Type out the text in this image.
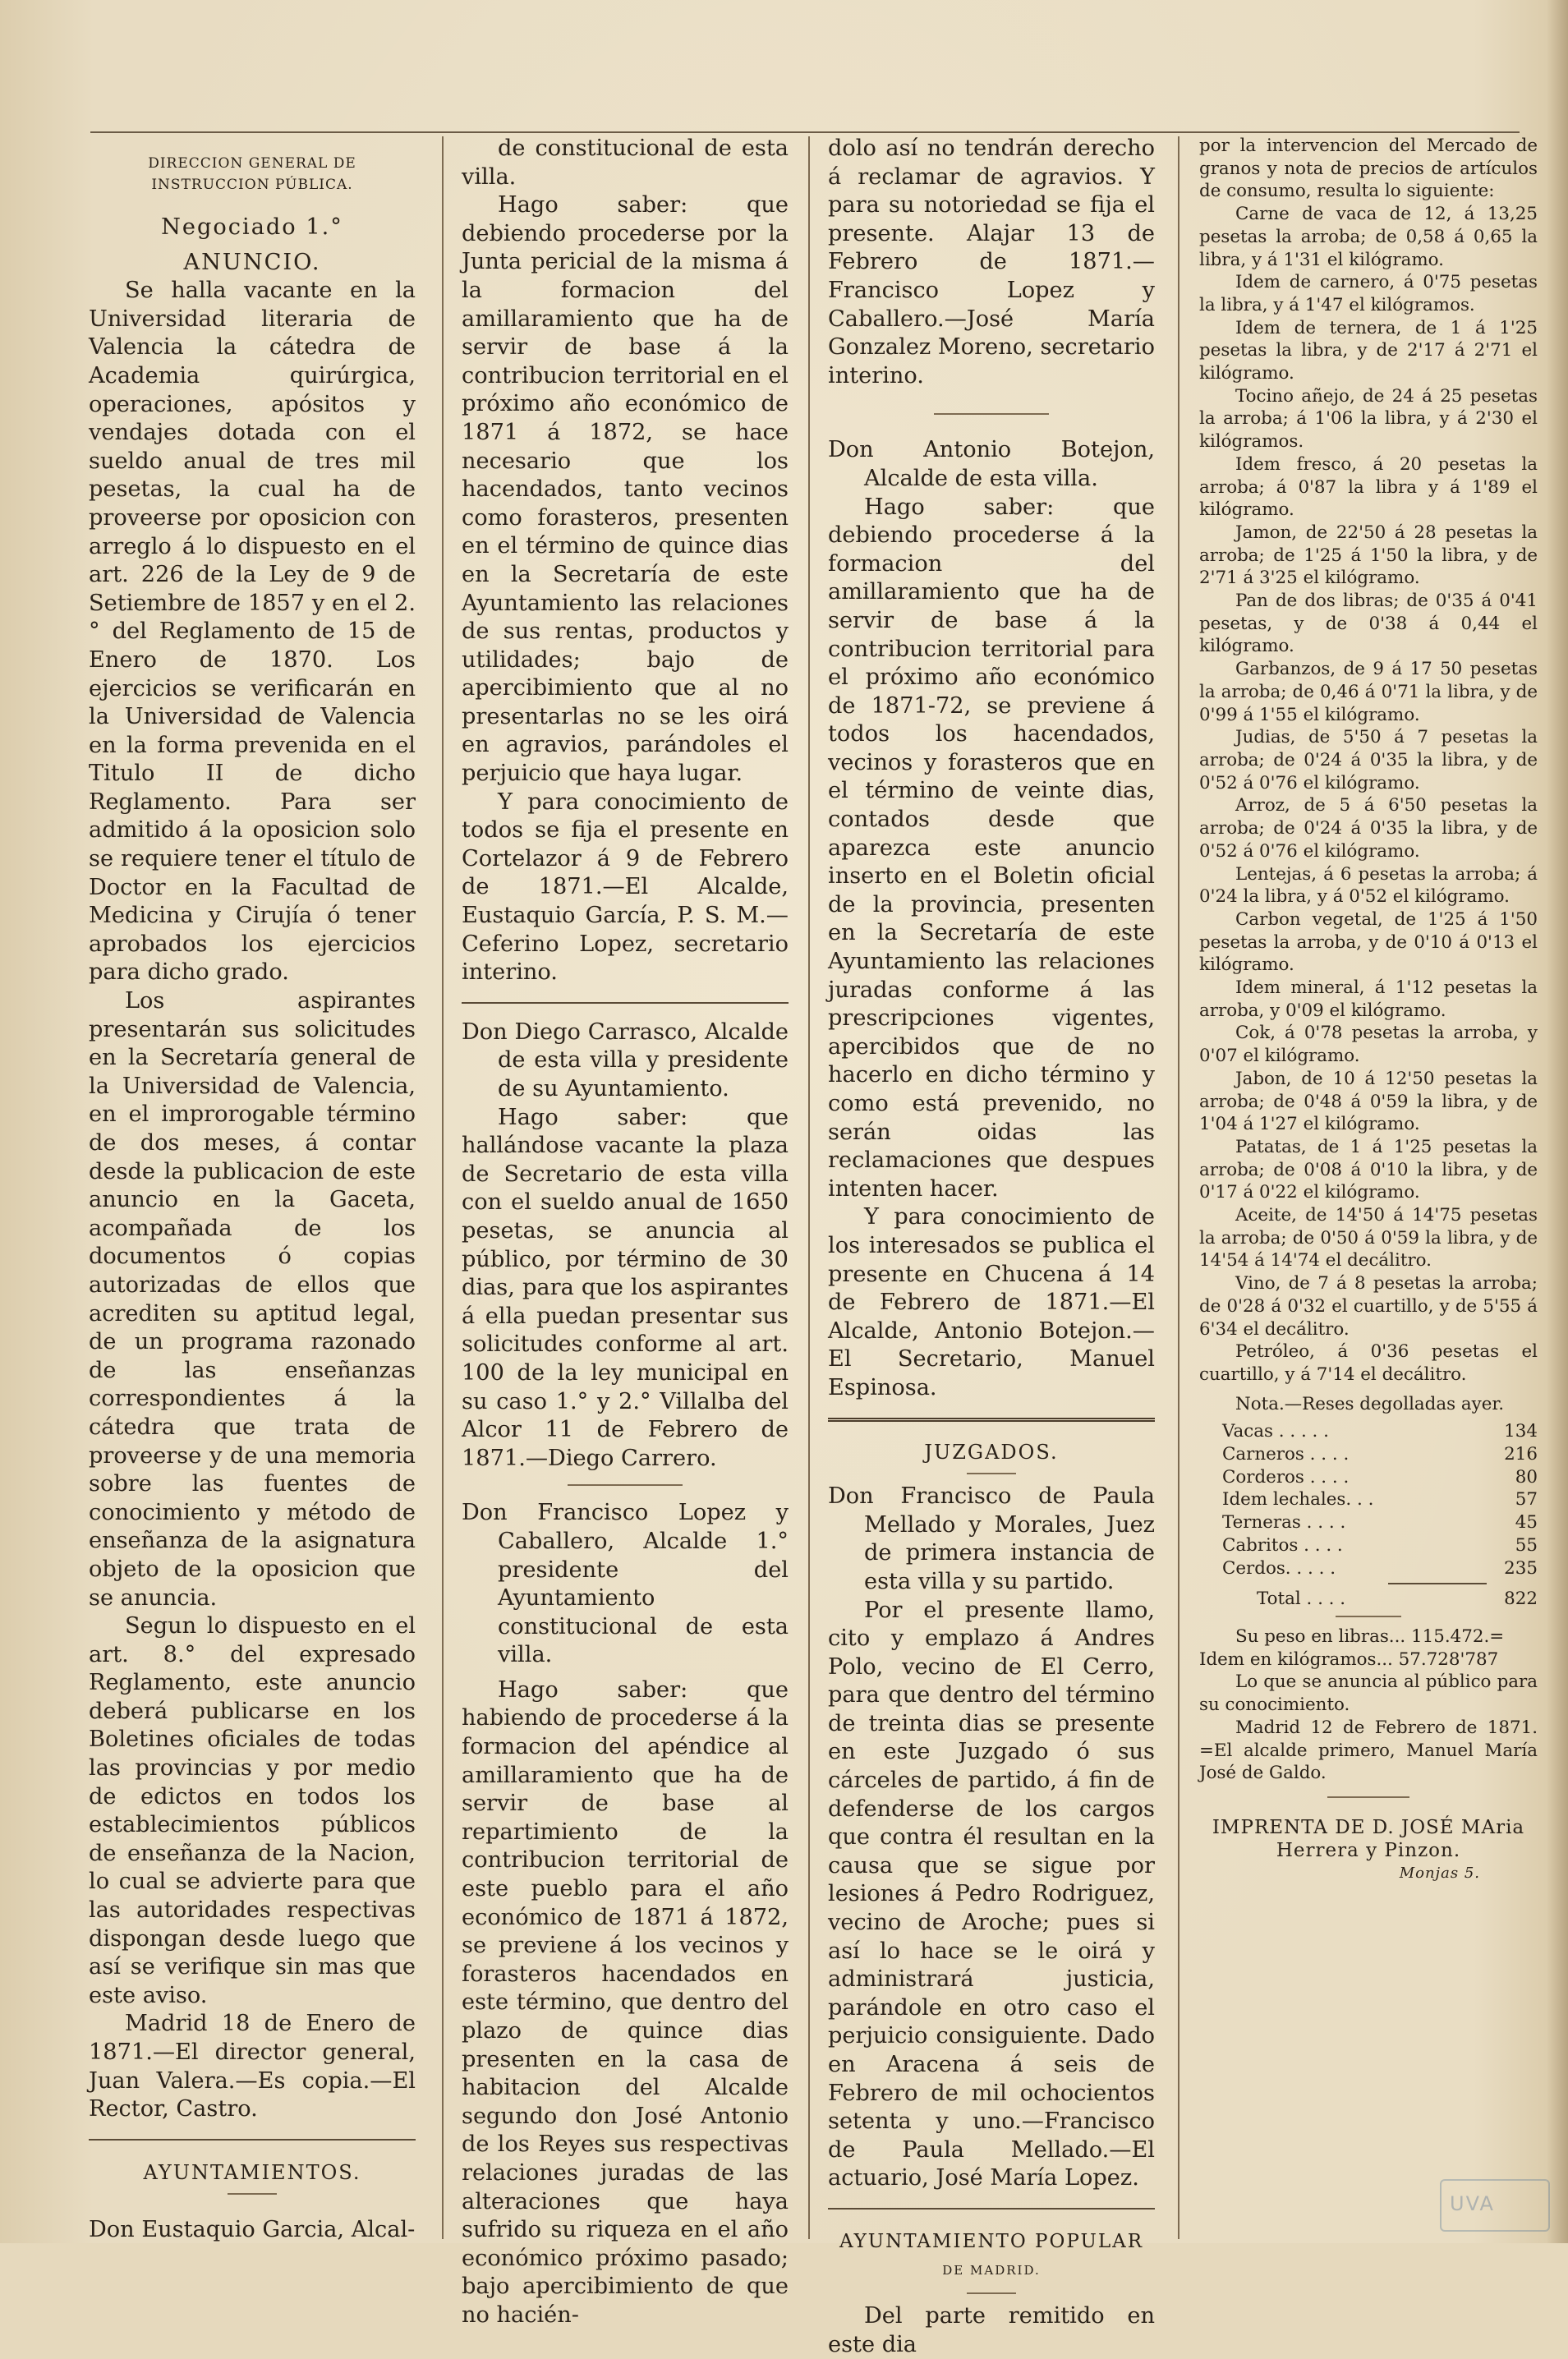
DIRECCION GENERAL DE INSTRUCCION PÚBLICA.

Negociado 1.°

ANUNCIO.

Se halla vacante en la Universidad literaria de Valencia la cátedra de Academia quirúrgica, operaciones, apósitos y vendajes dotada con el sueldo anual de tres mil pesetas, la cual ha de proveerse por oposicion con arreglo á lo dispuesto en el art. 226 de la Ley de 9 de Setiembre de 1857 y en el 2.° del Reglamento de 15 de Enero de 1870. Los ejercicios se verificarán en la Universidad de Valencia en la forma prevenida en el Titulo II de dicho Reglamento. Para ser admitido á la oposicion solo se requiere tener el título de Doctor en la Facultad de Medicina y Cirujía ó tener aprobados los ejercicios para dicho grado.

Los aspirantes presentarán sus solicitudes en la Secretaría general de la Universidad de Valencia, en el improrogable término de dos meses, á contar desde la publicacion de este anuncio en la Gaceta, acompañada de los documentos ó copias autorizadas de ellos que acrediten su aptitud legal, de un programa razonado de las enseñanzas correspondientes á la cátedra que trata de proveerse y de una memoria sobre las fuentes de conocimiento y método de enseñanza de la asignatura objeto de la oposicion que se anuncia.

Segun lo dispuesto en el art. 8.° del expresado Reglamento, este anuncio deberá publicarse en los Boletines oficiales de todas las provincias y por medio de edictos en todos los establecimientos públicos de enseñanza de la Nacion, lo cual se advierte para que las autoridades respectivas dispongan desde luego que así se verifique sin mas que este aviso.

Madrid 18 de Enero de 1871.—El director general, Juan Valera.—Es copia.—El Rector, Castro.

AYUNTAMIENTOS.

Don Eustaquio Garcia, Alcal-

de constitucional de esta villa.

Hago saber: que debiendo procederse por la Junta pericial de la misma á la formacion del amillaramiento que ha de servir de base á la contribucion territorial en el próximo año económico de 1871 á 1872, se hace necesario que los hacendados, tanto vecinos como forasteros, presenten en el término de quince dias en la Secretaría de este Ayuntamiento las relaciones de sus rentas, productos y utilidades; bajo de apercibimiento que al no presentarlas no se les oirá en agravios, parándoles el perjuicio que haya lugar.

Y para conocimiento de todos se fija el presente en Cortelazor á 9 de Febrero de 1871.—El Alcalde, Eustaquio García, P. S. M.—Ceferino Lopez, secretario interino.

Don Diego Carrasco, Alcalde de esta villa y presidente de su Ayuntamiento.

Hago saber: que hallándose vacante la plaza de Secretario de esta villa con el sueldo anual de 1650 pesetas, se anuncia al público, por término de 30 dias, para que los aspirantes á ella puedan presentar sus solicitudes conforme al art. 100 de la ley municipal en su caso 1.° y 2.° Villalba del Alcor 11 de Febrero de 1871.—Diego Carrero.

Don Francisco Lopez y Caballero, Alcalde 1.° presidente del Ayuntamiento constitucional de esta villa.

Hago saber: que habiendo de procederse á la formacion del apéndice al amillaramiento que ha de servir de base al repartimiento de la contribucion territorial de este pueblo para el año económico de 1871 á 1872, se previene á los vecinos y forasteros hacendados en este término, que dentro del plazo de quince dias presenten en la casa de habitacion del Alcalde segundo don José Antonio de los Reyes sus respectivas relaciones juradas de las alteraciones que haya sufrido su riqueza en el año económico próximo pasado; bajo apercibimiento de que no hacién-

dolo así no tendrán derecho á reclamar de agravios. Y para su notoriedad se fija el presente. Alajar 13 de Febrero de 1871.—Francisco Lopez y Caballero.—José María Gonzalez Moreno, secretario interino.

Don Antonio Botejon, Alcalde de esta villa.

Hago saber: que debiendo procederse á la formacion del amillaramiento que ha de servir de base á la contribucion territorial para el próximo año económico de 1871-72, se previene á todos los hacendados, vecinos y forasteros que en el término de veinte dias, contados desde que aparezca este anuncio inserto en el Boletin oficial de la provincia, presenten en la Secretaría de este Ayuntamiento las relaciones juradas conforme á las prescripciones vigentes, apercibidos que de no hacerlo en dicho término y como está prevenido, no serán oidas las reclamaciones que despues intenten hacer.

Y para conocimiento de los interesados se publica el presente en Chucena á 14 de Febrero de 1871.—El Alcalde, Antonio Botejon.—El Secretario, Manuel Espinosa.

JUZGADOS.

Don Francisco de Paula Mellado y Morales, Juez de primera instancia de esta villa y su partido.

Por el presente llamo, cito y emplazo á Andres Polo, vecino de El Cerro, para que dentro del término de treinta dias se presente en este Juzgado ó sus cárceles de partido, á fin de defenderse de los cargos que contra él resultan en la causa que se sigue por lesiones á Pedro Rodriguez, vecino de Aroche; pues si así lo hace se le oirá y administrará justicia, parándole en otro caso el perjuicio consiguiente. Dado en Aracena á seis de Febrero de mil ochocientos setenta y uno.—Francisco de Paula Mellado.—El actuario, José María Lopez.

AYUNTAMIENTO POPULAR

DE MADRID.

Del parte remitido en este dia

por la intervencion del Mercado de granos y nota de precios de artículos de consumo, resulta lo siguiente:

Carne de vaca de 12, á 13,25 pesetas la arroba; de 0,58 á 0,65 la libra, y á 1'31 el kilógramo.

Idem de carnero, á 0'75 pesetas la libra, y á 1'47 el kilógramos.

Idem de ternera, de 1 á 1'25 pesetas la libra, y de 2'17 á 2'71 el kilógramo.

Tocino añejo, de 24 á 25 pesetas la arroba; á 1'06 la libra, y á 2'30 el kilógramos.

Idem fresco, á 20 pesetas la arroba; á 0'87 la libra y á 1'89 el kilógramo.

Jamon, de 22'50 á 28 pesetas la arroba; de 1'25 á 1'50 la libra, y de 2'71 á 3'25 el kilógramo.

Pan de dos libras; de 0'35 á 0'41 pesetas, y de 0'38 á 0,44 el kilógramo.

Garbanzos, de 9 á 17 50 pesetas la arroba; de 0,46 á 0'71 la libra, y de 0'99 á 1'55 el kilógramo.

Judias, de 5'50 á 7 pesetas la arroba; de 0'24 á 0'35 la libra, y de 0'52 á 0'76 el kilógramo.

Arroz, de 5 á 6'50 pesetas la arroba; de 0'24 á 0'35 la libra, y de 0'52 á 0'76 el kilógramo.

Lentejas, á 6 pesetas la arroba; á 0'24 la libra, y á 0'52 el kilógramo.

Carbon vegetal, de 1'25 á 1'50 pesetas la arroba, y de 0'10 á 0'13 el kilógramo.

Idem mineral, á 1'12 pesetas la arroba, y 0'09 el kilógramo.

Cok, á 0'78 pesetas la arroba, y 0'07 el kilógramo.

Jabon, de 10 á 12'50 pesetas la arroba; de 0'48 á 0'59 la libra, y de 1'04 á 1'27 el kilógramo.

Patatas, de 1 á 1'25 pesetas la arroba; de 0'08 á 0'10 la libra, y de 0'17 á 0'22 el kilógramo.

Aceite, de 14'50 á 14'75 pesetas la arroba; de 0'50 á 0'59 la libra, y de 14'54 á 14'74 el decálitro.

Vino, de 7 á 8 pesetas la arroba; de 0'28 á 0'32 el cuartillo, y de 5'55 á 6'34 el decálitro.

Petróleo, á 0'36 pesetas el cuartillo, y á 7'14 el decálitro.

Nota.—Reses degolladas ayer.

Vacas . . . . .	134
Carneros . . . .	216
Corderos . . . .	80
Idem lechales. . .	57
Terneras . . . .	45
Cabritos . . . .	55
Cerdos. . . . .	235
Total . . . .	822

Su peso en libras... 115.472.=

Idem en kilógramos... 57.728'787

Lo que se anuncia al público para su conocimiento.

Madrid 12 de Febrero de 1871. =El alcalde primero, Manuel María José de Galdo.

IMPRENTA DE D. JOSÉ MAria Herrera y Pinzon.
Monjas 5.
UVA
